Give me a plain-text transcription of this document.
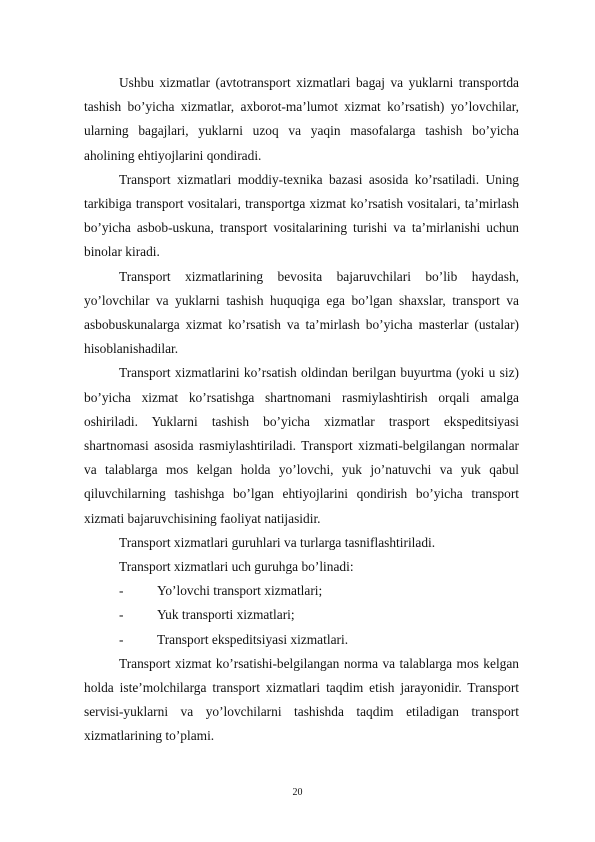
Ushbu xizmatlar (avtotransport xizmatlari bagaj va yuklarni transportda tashish bo’yicha xizmatlar, axborot-ma’lumot xizmat ko’rsatish) yo’lovchilar, ularning bagajlari, yuklarni uzoq va yaqin masofalarga tashish bo’yicha aholining ehtiyojlarini qondiradi.

Transport xizmatlari moddiy-texnika bazasi asosida ko’rsatiladi. Uning tarkibiga transport vositalari, transportga xizmat ko’rsatish vositalari, ta’mirlash bo’yicha asbob-uskuna, transport vositalarining turishi va ta’mirlanishi uchun binolar kiradi.

Transport xizmatlarining bevosita bajaruvchilari bo’lib haydash, yo’lovchilar va yuklarni tashish huquqiga ega bo’lgan shaxslar, transport va asbobuskunalarga xizmat ko’rsatish va ta’mirlash bo’yicha masterlar (ustalar) hisoblanishadilar.

Transport xizmatlarini ko’rsatish oldindan berilgan buyurtma (yoki u siz) bo’yicha xizmat ko’rsatishga shartnomani rasmiylashtirish orqali amalga oshiriladi. Yuklarni tashish bo’yicha xizmatlar trasport ekspeditsiyasi shartnomasi asosida rasmiylashtiriladi. Transport xizmati-belgilangan normalar va talablarga mos kelgan holda yo’lovchi, yuk jo’natuvchi va yuk qabul qiluvchilarning tashishga bo’lgan ehtiyojlarini qondirish bo’yicha transport xizmati bajaruvchisining faoliyat natijasidir.

Transport xizmatlari guruhlari va turlarga tasniflashtiriladi.

Transport xizmatlari uch guruhga bo’linadi:

-	Yo’lovchi transport xizmatlari;
-	Yuk transporti xizmatlari;
-	Transport ekspeditsiyasi xizmatlari.

Transport xizmat ko’rsatishi-belgilangan norma va talablarga mos kelgan holda iste’molchilarga transport xizmatlari taqdim etish jarayonidir. Transport servisi-yuklarni va yo’lovchilarni tashishda taqdim etiladigan transport xizmatlarining to’plami.

20
